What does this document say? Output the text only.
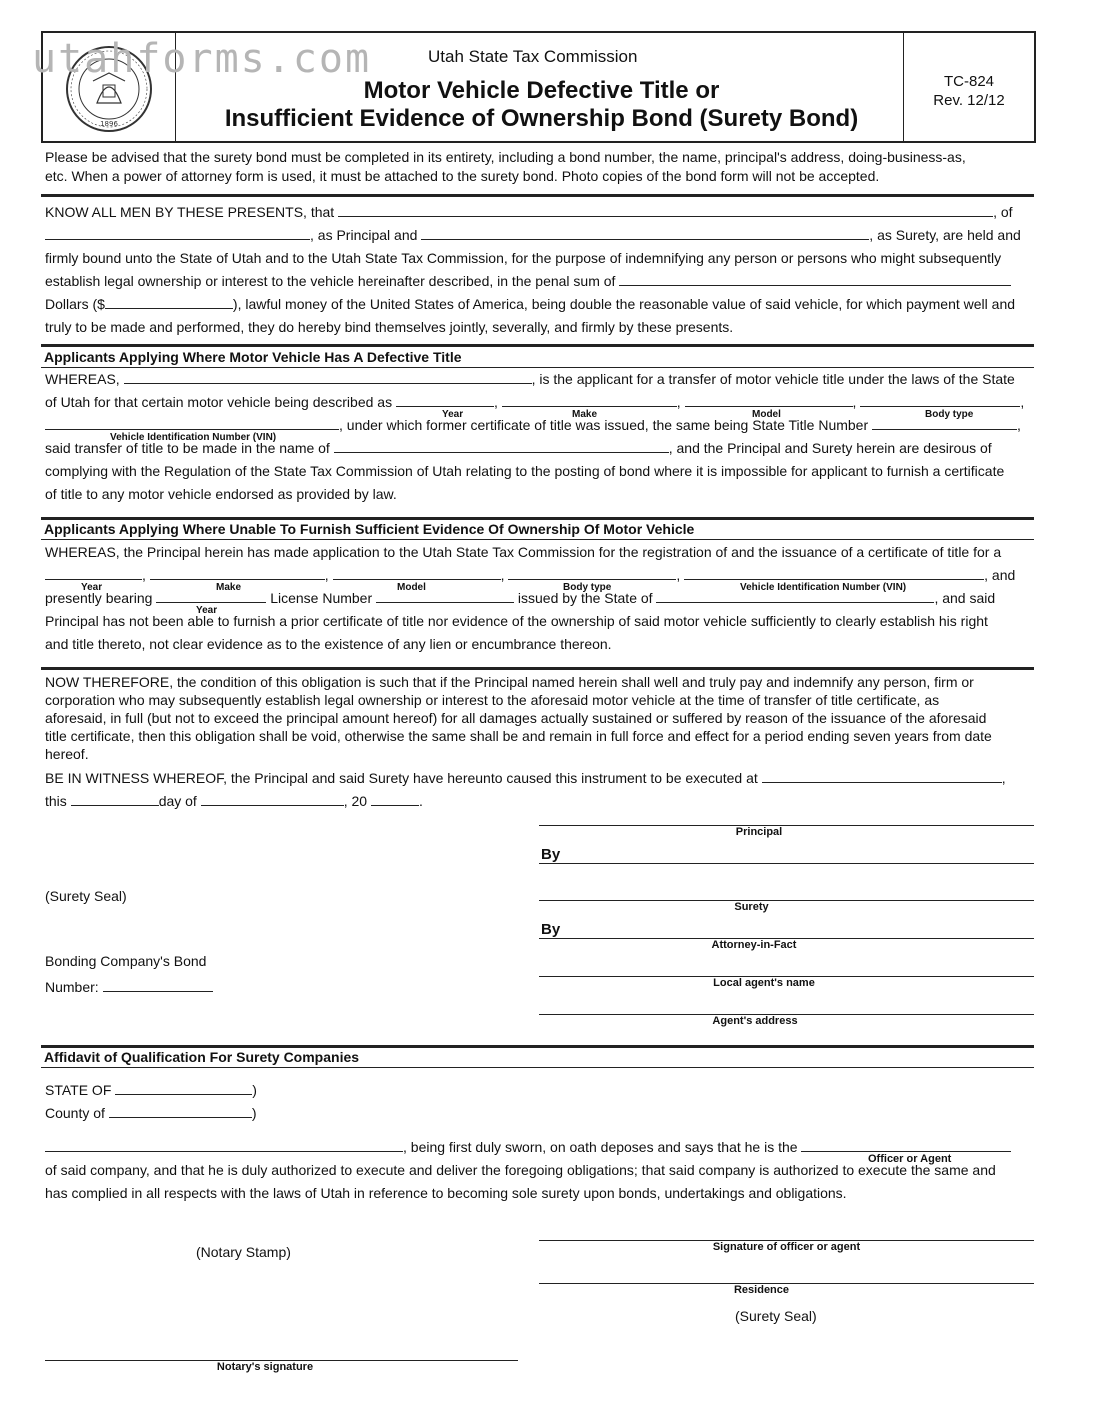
1896
Utah State Tax Commission
Motor Vehicle Defective Title or
Insufficient Evidence of Ownership Bond (Surety Bond)
TC-824
Rev. 12/12
utahforms.com
Please be advised that the surety bond must be completed in its entirety, including a bond number, the name, principal's address, doing-business-as,
etc. When a power of attorney form is used, it must be attached to the surety bond. Photo copies of the bond form will not be accepted.
KNOW ALL MEN BY THESE PRESENTS, that	, of
, as Principal and	, as Surety, are held and
firmly bound unto the State of Utah and to the Utah State Tax Commission, for the purpose of indemnifying any person or persons who might subsequently
establish legal ownership or interest to the vehicle hereinafter described, in the penal sum of
Dollars ($	), lawful money of the United States of America, being double the reasonable value of said vehicle, for which payment well and
truly to be made and performed, they do hereby bind themselves jointly, severally, and firmly by these presents.
Applicants Applying Where Motor Vehicle Has A Defective Title
WHEREAS,	, is the applicant for a transfer of motor vehicle title under the laws of the State
of Utah for that certain motor vehicle being described as	,	,	,	,
, under which former certificate of title was issued, the same being State Title Number	,
said transfer of title to be made in the name of	, and the Principal and Surety herein are desirous of
complying with the Regulation of the State Tax Commission of Utah relating to the posting of bond where it is impossible for applicant to furnish a certificate
of title to any motor vehicle endorsed as provided by law.
Year	Make	Model	Body type
Vehicle Identification Number (VIN)
Applicants Applying Where Unable To Furnish Sufficient Evidence Of Ownership Of Motor Vehicle
WHEREAS, the Principal herein has made application to the Utah State Tax Commission for the registration of and the issuance of a certificate of title for a
,	,	,	,	, and
presently bearing	License Number	issued by the State of	, and said
Principal has not been able to furnish a prior certificate of title nor evidence of the ownership of said motor vehicle sufficiently to clearly establish his right
and title thereto, not clear evidence as to the existence of any lien or encumbrance thereon.
Year	Make	Model	Body type	Vehicle Identification Number (VIN)
Year
NOW THEREFORE, the condition of this obligation is such that if the Principal named herein shall well and truly pay and indemnify any person, firm or
corporation who may subsequently establish legal ownership or interest to the aforesaid motor vehicle at the time of transfer of title certificate, as
aforesaid, in full (but not to exceed the principal amount hereof) for all damages actually sustained or suffered by reason of the issuance of the aforesaid
title certificate, then this obligation shall be void, otherwise the same shall be and remain in full force and effect for a period ending seven years from date
hereof.
BE IN WITNESS WHEREOF, the Principal and said Surety have hereunto caused this instrument to be executed at	,
this	day of	, 20	.
Principal
By
Surety
By
Attorney-in-Fact
Local agent's name
Agent's address
(Surety Seal)
Bonding Company's Bond
Number:
Affidavit of Qualification For Surety Companies
STATE OF	)
County of	)
, being first duly sworn, on oath deposes and says that he is the
of said company, and that he is duly authorized to execute and deliver the foregoing obligations; that said company is authorized to execute the same and
has complied in all respects with the laws of Utah in reference to becoming sole surety upon bonds, undertakings and obligations.
Officer or Agent
(Notary Stamp)	Signature of officer or agent
Residence
(Surety Seal)
Notary's signature
